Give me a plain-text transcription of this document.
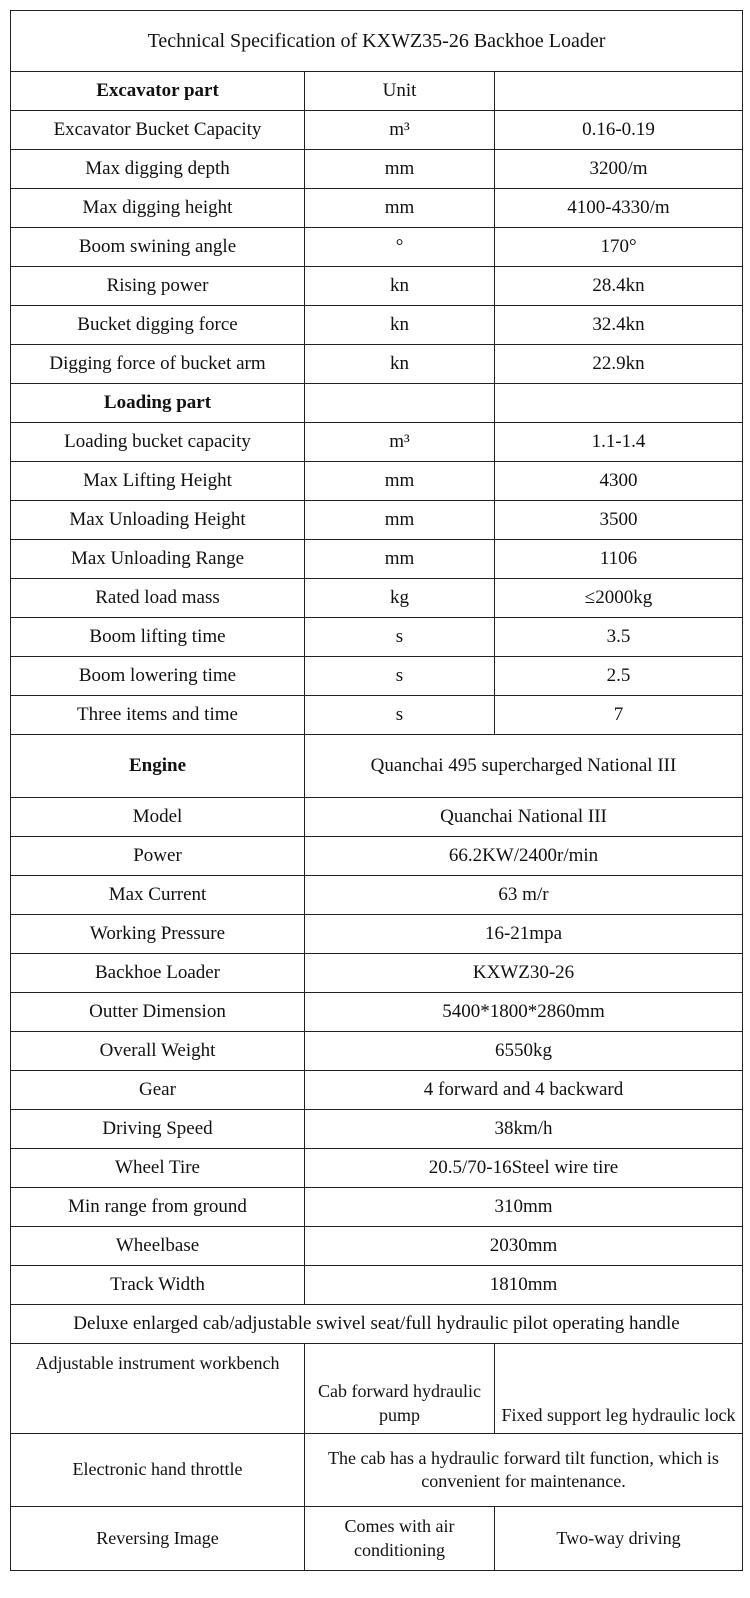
Technical Specification of KXWZ35-26 Backhoe Loader		
Excavator part	Unit	
Excavator Bucket Capacity	m³	0.16-0.19
Max digging depth	mm	3200/m
Max digging height	mm	4100-4330/m
Boom swining angle	°	170°
Rising power	kn	28.4kn
Bucket digging force	kn	32.4kn
Digging force of bucket arm	kn	22.9kn
Loading part		
Loading bucket capacity	m³	1.1-1.4
Max Lifting Height	mm	4300
Max Unloading Height	mm	3500
Max Unloading Range	mm	1106
Rated load mass	kg	≤2000kg
Boom lifting time	s	3.5
Boom lowering time	s	2.5
Three items and time	s	7
Engine	Quanchai 495 supercharged National III	
Model	Quanchai National III	
Power	66.2KW/2400r/min	
Max Current	63 m/r	
Working Pressure	16-21mpa	
Backhoe Loader	KXWZ30-26	
Outter Dimension	5400*1800*2860mm	
Overall Weight	6550kg	
Gear	4 forward and 4 backward	
Driving Speed	38km/h	
Wheel Tire	20.5/70-16Steel wire tire	
Min range from ground	310mm	
Wheelbase	2030mm	
Track Width	1810mm	
Deluxe enlarged cab/adjustable swivel seat/full hydraulic pilot operating handle		
Adjustable instrument workbench	Cab forward hydraulic pump	Fixed support leg hydraulic lock
Electronic hand throttle	The cab has a hydraulic forward tilt function, which is convenient for maintenance.	
Reversing Image	Comes with air conditioning	Two-way driving
